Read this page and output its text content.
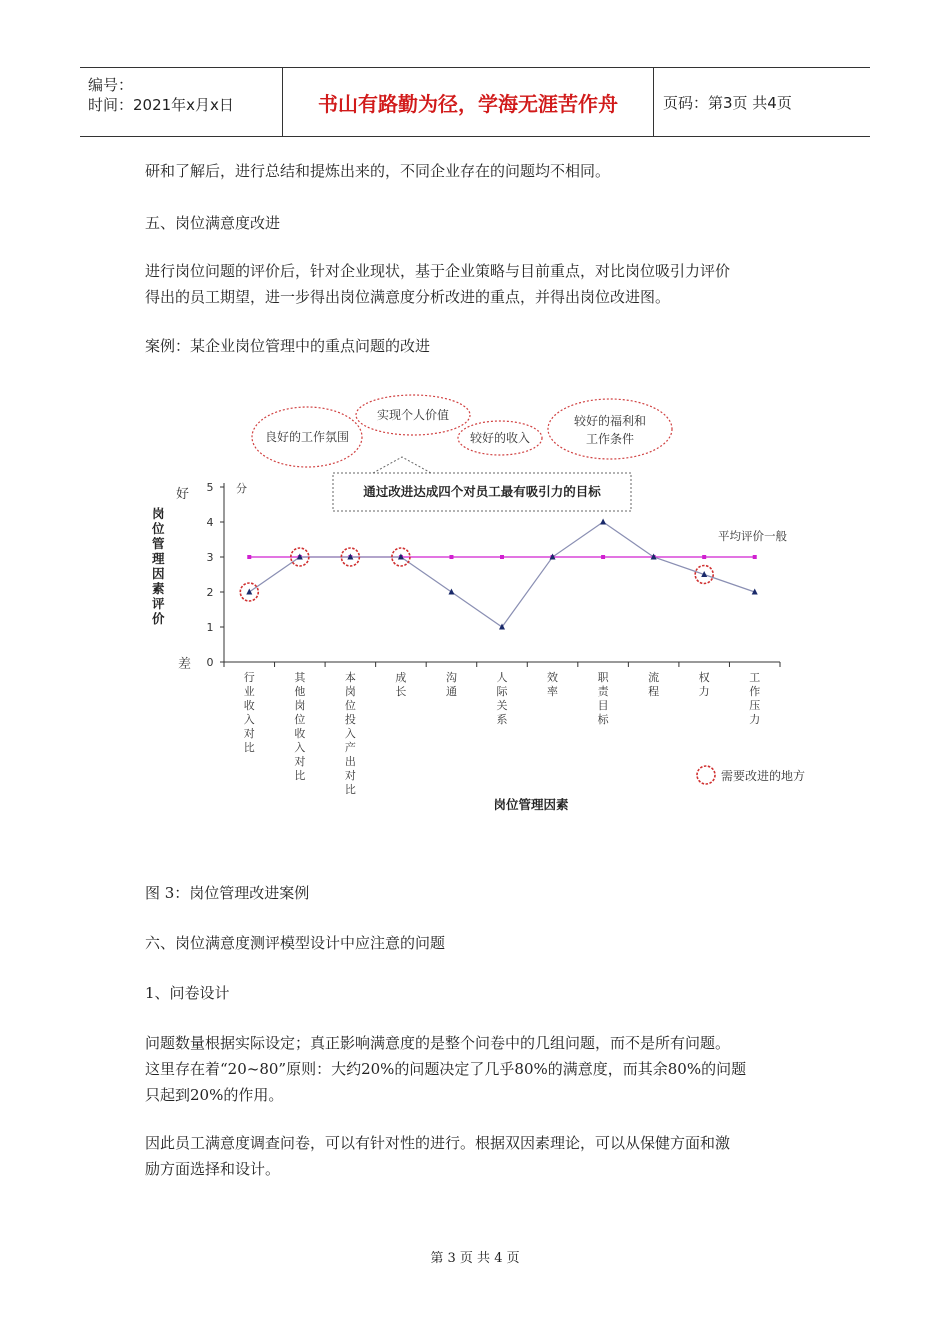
编号：
时间：2021年x月x日	书山有路勤为径，学海无涯苦作舟	页码：第3页 共4页

研和了解后，进行总结和提炼出来的，不同企业存在的问题均不相同。

五、岗位满意度改进

进行岗位问题的评价后，针对企业现状，基于企业策略与目前重点，对比岗位吸引力评价

得出的员工期望，进一步得出岗位满意度分析改进的重点，并得出岗位改进图。

案例：某企业岗位管理中的重点问题的改进

良好的工作氛围
实现个人价值
较好的收入
较好的福利和
工作条件
通过改进达成四个对员工最有吸引力的目标
好
差
分
岗位管理因素评价
0
1
2
3
4
5
行业收入对比
其他岗位收入对比
本岗位投入产出对比
成长
沟通
人际关系
效率
职责目标
流程
权力
工作压力
平均评价一般
需要改进的地方
岗位管理因素

图 3：岗位管理改进案例

六、岗位满意度测评模型设计中应注意的问题

1、问卷设计

问题数量根据实际设定；真正影响满意度的是整个问卷中的几组问题，而不是所有问题。

这里存在着“20~80”原则：大约20%的问题决定了几乎80%的满意度，而其余80%的问题

只起到20%的作用。

因此员工满意度调查问卷，可以有针对性的进行。根据双因素理论，可以从保健方面和激

励方面选择和设计。

第 3 页 共 4 页
